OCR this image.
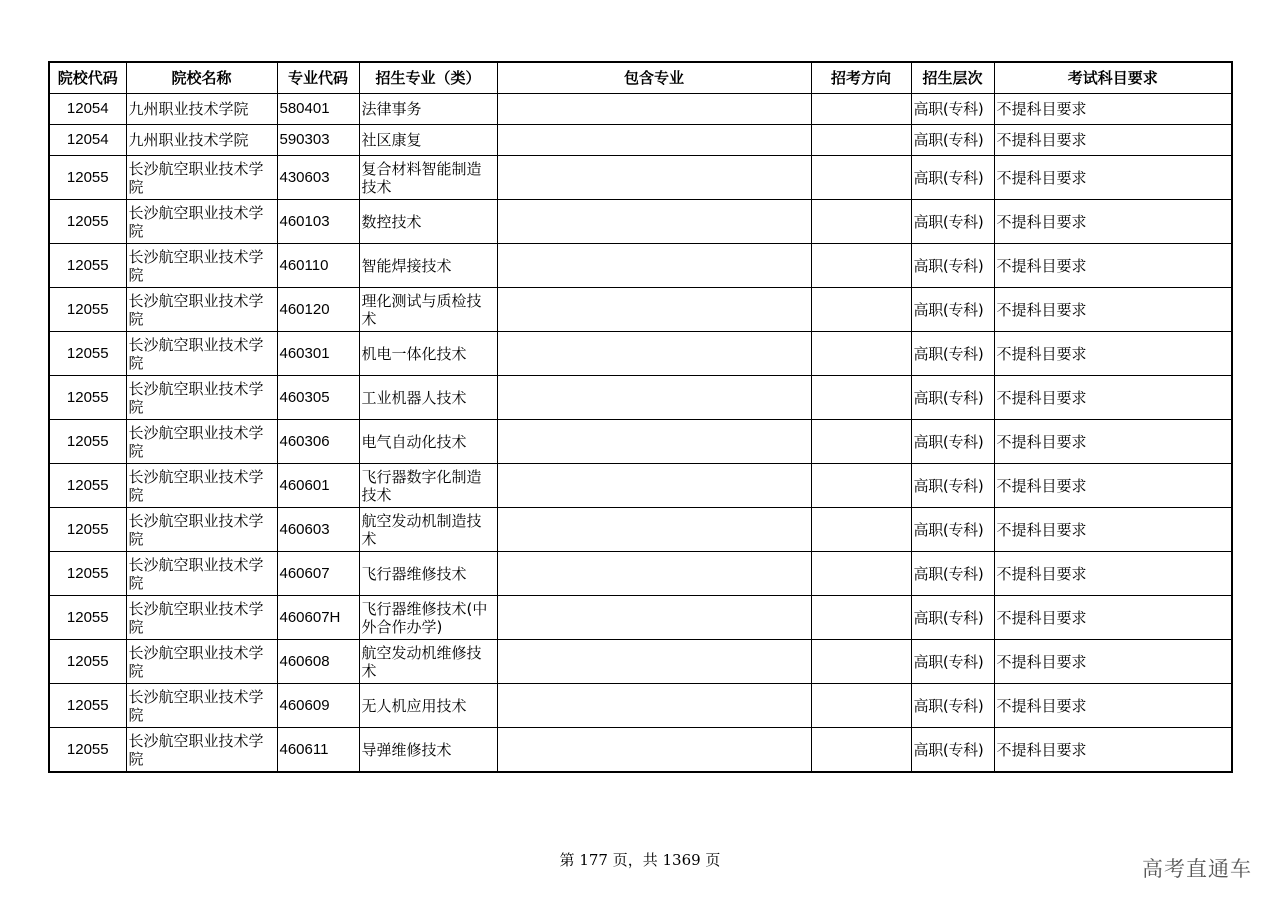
院校代码	院校名称	专业代码	招生专业（类）	包含专业	招考方向	招生层次	考试科目要求
12054	九州职业技术学院	580401	法律事务			高职(专科)	不提科目要求
12054	九州职业技术学院	590303	社区康复			高职(专科)	不提科目要求
12055	长沙航空职业技术学院	430603	复合材料智能制造技术			高职(专科)	不提科目要求
12055	长沙航空职业技术学院	460103	数控技术			高职(专科)	不提科目要求
12055	长沙航空职业技术学院	460110	智能焊接技术			高职(专科)	不提科目要求
12055	长沙航空职业技术学院	460120	理化测试与质检技术			高职(专科)	不提科目要求
12055	长沙航空职业技术学院	460301	机电一体化技术			高职(专科)	不提科目要求
12055	长沙航空职业技术学院	460305	工业机器人技术			高职(专科)	不提科目要求
12055	长沙航空职业技术学院	460306	电气自动化技术			高职(专科)	不提科目要求
12055	长沙航空职业技术学院	460601	飞行器数字化制造技术			高职(专科)	不提科目要求
12055	长沙航空职业技术学院	460603	航空发动机制造技术			高职(专科)	不提科目要求
12055	长沙航空职业技术学院	460607	飞行器维修技术			高职(专科)	不提科目要求
12055	长沙航空职业技术学院	460607H	飞行器维修技术(中外合作办学)			高职(专科)	不提科目要求
12055	长沙航空职业技术学院	460608	航空发动机维修技术			高职(专科)	不提科目要求
12055	长沙航空职业技术学院	460609	无人机应用技术			高职(专科)	不提科目要求
12055	长沙航空职业技术学院	460611	导弹维修技术			高职(专科)	不提科目要求
第 177 页，共 1369 页	高考直通车
